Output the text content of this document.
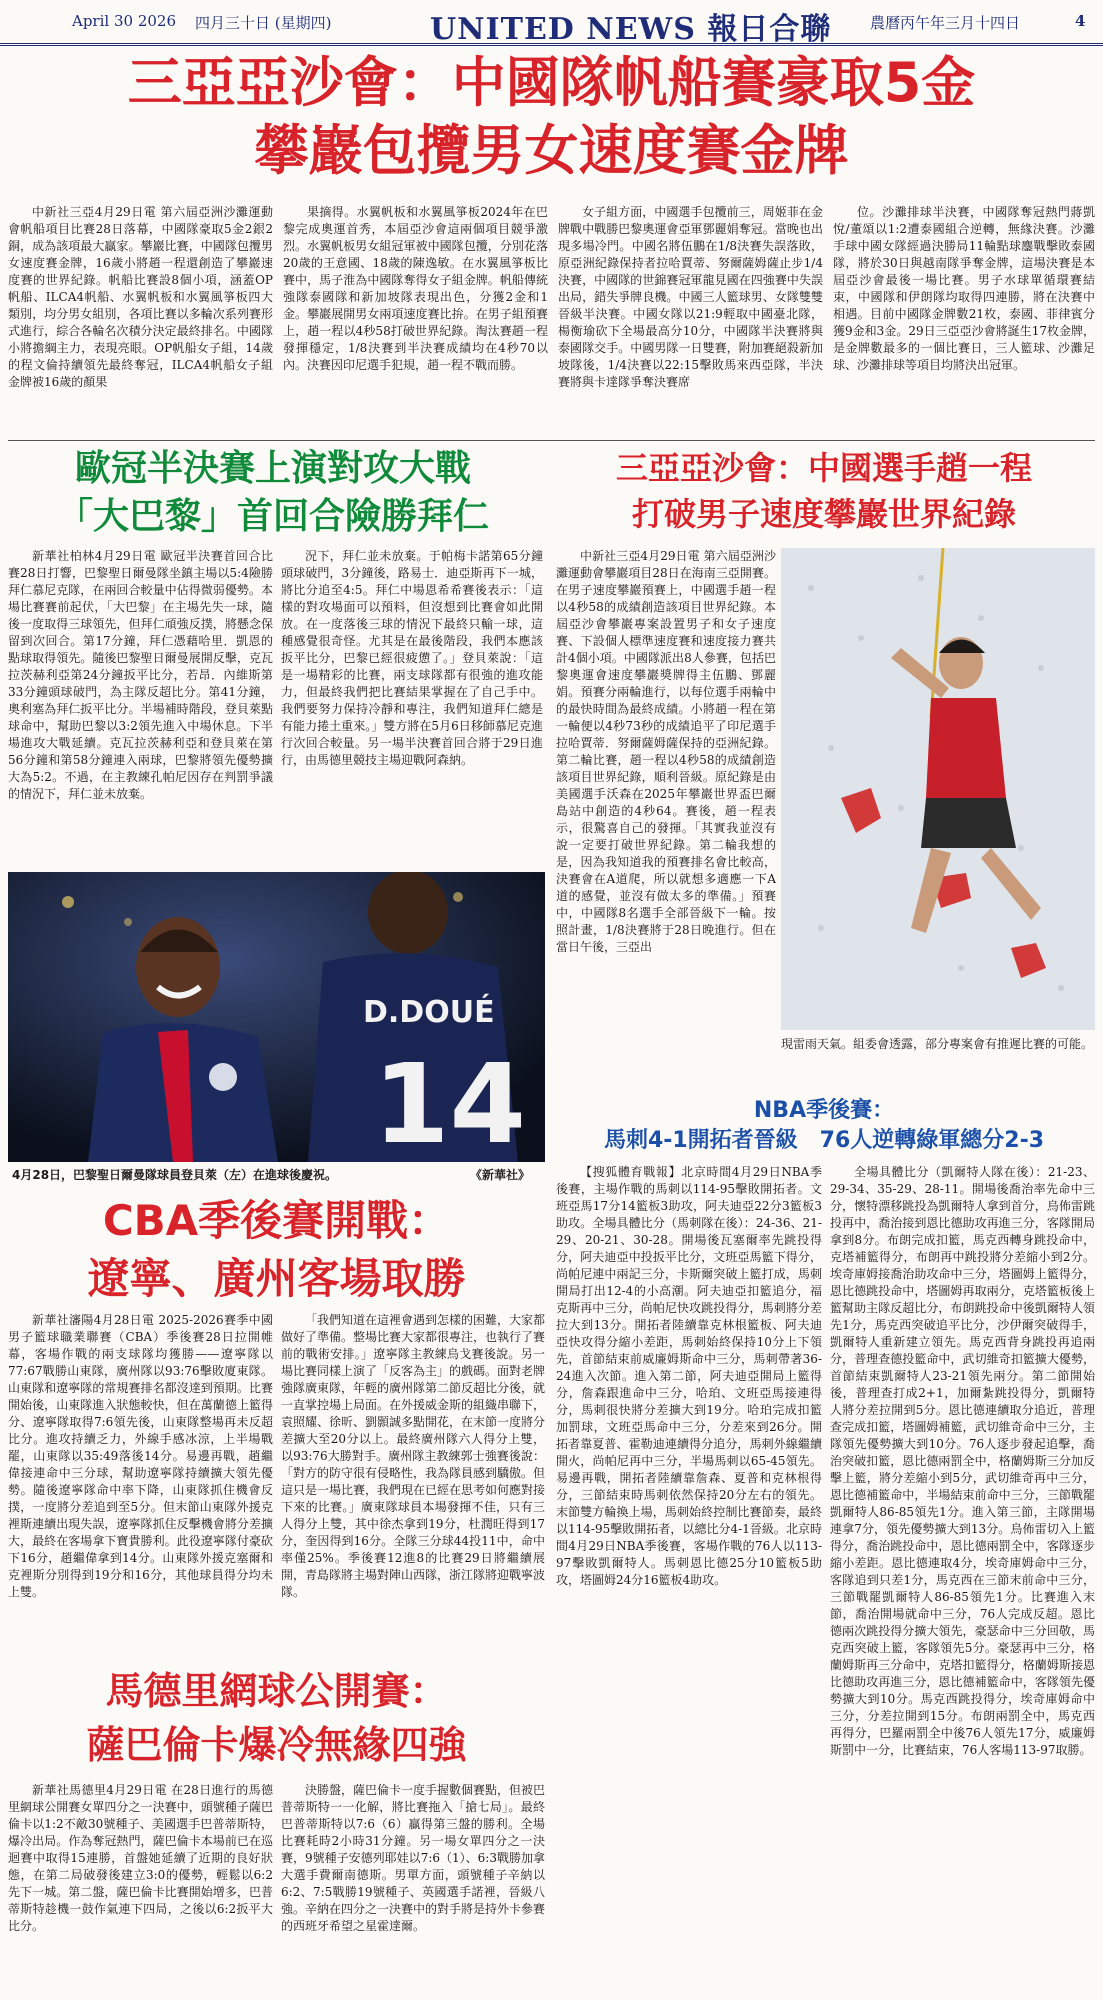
April 30 2026 四月三十日 (星期四)	UNITED NEWS 報日合聯	農曆丙午年三月十四日	4
三亞亞沙會：中國隊帆船賽豪取5金
攀巖包攬男女速度賽金牌

中新社三亞4月29日電 第六屆亞洲沙灘運動會帆船項目比賽28日落幕，中國隊豪取5金2銀2銅，成為該項最大贏家。攀巖比賽，中國隊包攬男女速度賽金牌，16歲小將趙一程還創造了攀巖速度賽的世界紀錄。帆船比賽設8個小項，涵蓋OP帆船、ILCA4帆船、水翼帆板和水翼風箏板四大類別，均分男女組別，各項比賽以多輪次系列賽形式進行，綜合各輪名次積分決定最終排名。中國隊小將擔綱主力，表現亮眼。OP帆船女子組，14歲的程文倫持續領先最終奪冠，ILCA4帆船女子組金牌被16歲的顏果

果摘得。水翼帆板和水翼風箏板2024年在巴黎完成奧運首秀，本屆亞沙會這兩個項目競爭激烈。水翼帆板男女組冠軍被中國隊包攬，分別花落20歲的王意國、18歲的陳逸敏。在水翼風箏板比賽中，馬子淮為中國隊奪得女子組金牌。帆船傳統強隊泰國隊和新加坡隊表現出色，分獲2金和1金。攀巖展開男女兩項速度賽比拚。在男子組預賽上，趙一程以4秒58打破世界紀錄。淘汰賽趙一程發揮穩定，1/8決賽到半決賽成績均在4秒70以內。決賽因印尼選手犯規，趙一程不戰而勝。

女子組方面，中國選手包攬前三，周姬菲在金牌戰中戰勝巴黎奧運會亞軍鄧麗娟奪冠。當晚也出現多場冷門。中國名將伍鵬在1/8決賽失誤落敗，原亞洲紀錄保持者拉哈賈蒂、努爾薩姆薩止步1/4決賽，中國隊的世錦賽冠軍龍見國在四強賽中失誤出局，錯失爭牌良機。中國三人籃球男、女隊雙雙晉級半決賽。中國女隊以21:9輕取中國臺北隊，楊衡瑜砍下全場最高分10分，中國隊半決賽將與泰國隊交手。中國男隊一日雙賽，附加賽絕殺新加坡隊後，1/4決賽以22:15擊敗馬來西亞隊，半決賽將與卡達隊爭奪決賽席

位。沙灘排球半決賽，中國隊奪冠熱門蔣凱悅/董頌以1:2遭泰國組合逆轉，無緣決賽。沙灘手球中國女隊經過決勝局11輪點球鏖戰擊敗泰國隊，將於30日與越南隊爭奪金牌，這場決賽是本屆亞沙會最後一場比賽。男子水球單循環賽結束，中國隊和伊朗隊均取得四連勝，將在決賽中相遇。目前中國隊金牌數21枚，泰國、菲律賓分獲9金和3金。29日三亞亞沙會將誕生17枚金牌，是金牌數最多的一個比賽日，三人籃球、沙灘足球、沙灘排球等項目均將決出冠軍。

歐冠半決賽上演對攻大戰
「大巴黎」首回合險勝拜仁

新華社柏林4月29日電 歐冠半決賽首回合比賽28日打響，巴黎聖日爾曼隊坐鎮主場以5:4險勝拜仁慕尼克隊，在兩回合較量中佔得微弱優勢。本場比賽賽前起伏，「大巴黎」在主場先失一球，隨後一度取得三球領先，但拜仁頑強反撲，將懸念保留到次回合。第17分鐘，拜仁憑藉哈里．凱恩的點球取得領先。隨後巴黎聖日爾曼展開反擊，克瓦拉茨赫利亞第24分鐘扳平比分，若昂．內維斯第33分鐘頭球破門，為主隊反超比分。第41分鐘，奧利塞為拜仁扳平比分。半場補時階段，登貝萊點球命中，幫助巴黎以3:2領先進入中場休息。下半場進攻大戰延續。克瓦拉茨赫利亞和登貝萊在第56分鐘和第58分鐘連入兩球，巴黎將領先優勢擴大為5:2。不過，在主教練孔帕尼因存在判罰爭議的情況下，拜仁並未放棄。

況下，拜仁並未放棄。于帕梅卡諾第65分鐘頭球破門，3分鐘後，路易士．迪亞斯再下一城，將比分追至4:5。拜仁中場恩希希賽後表示：「這樣的對攻場面可以預料，但沒想到比賽會如此開放。在一度落後三球的情況下最終只輸一球，這種感覺很奇怪。尤其是在最後階段，我們本應該扳平比分，巴黎已經很疲憊了。」登貝萊說：「這是一場精彩的比賽，兩支球隊都有很強的進攻能力，但最終我們把比賽結果掌握在了自己手中。我們要努力保持冷靜和專注，我們知道拜仁總是有能力捲土重來。」雙方將在5月6日移師慕尼克進行次回合較量。另一場半決賽首回合將于29日進行，由馬德里競技主場迎戰阿森納。

D.DOUÉ
14
4月28日，巴黎聖日爾曼隊球員登貝萊（左）在進球後慶祝。	《新華社》
三亞亞沙會：中國選手趙一程
打破男子速度攀巖世界紀錄

中新社三亞4月29日電 第六屆亞洲沙灘運動會攀巖項目28日在海南三亞開賽。在男子速度攀巖預賽上，中國選手趙一程以4秒58的成績創造該項目世界紀錄。本屆亞沙會攀巖專案設置男子和女子速度賽、下設個人標準速度賽和速度接力賽共計4個小項。中國隊派出8人參賽，包括巴黎奧運會速度攀巖獎牌得主伍鵬、鄧麗娟。預賽分兩輪進行，以每位選手兩輪中的最快時間為最終成績。小將趙一程在第一輪便以4秒73秒的成績追平了印尼選手拉哈賈蒂．努爾薩姆薩保持的亞洲紀錄。第二輪比賽，趙一程以4秒58的成績創造該項目世界紀錄，順利晉級。原紀錄是由美國選手沃森在2025年攀巖世界盃巴爾島站中創造的4秒64。賽後，趙一程表示，很驚喜自己的發揮。「其實我並沒有說一定要打破世界紀錄。第二輪我想的是，因為我知道我的預賽排名會比較高，決賽會在A道爬，所以就想多適應一下A道的感覺，並沒有做太多的準備。」預賽中，中國隊8名選手全部晉級下一輪。按照計畫，1/8決賽將于28日晚進行。但在當日午後，三亞出

現雷雨天氣。組委會透露，部分專案會有推遲比賽的可能。

CBA季後賽開戰：
遼寧、廣州客場取勝

新華社瀋陽4月28日電 2025-2026賽季中國男子籃球職業聯賽（CBA）季後賽28日拉開帷幕，客場作戰的兩支球隊均獲勝——遼寧隊以77:67戰勝山東隊，廣州隊以93:76擊敗廈東隊。山東隊和遼寧隊的常規賽排名都沒達到預期。比賽開始後，山東隊進入狀態較快，但在萬蘭德上籃得分、遼寧隊取得7:6領先後，山東隊整場再未反超比分。進攻持續乏力，外線手感冰涼，上半場戰罷，山東隊以35:49落後14分。易邊再戰，趙繼偉接連命中三分球，幫助遼寧隊持續擴大領先優勢。隨後遼寧隊命中率下降，山東隊抓住機會反撲，一度將分差追到至5分。但末節山東隊外援克裡斯連續出現失誤，遼寧隊抓住反擊機會將分差擴大，最終在客場拿下寶貴勝利。此役遼寧隊付豪砍下16分，趙繼偉拿到14分。山東隊外援克塞爾和克裡斯分別得到19分和16分，其他球員得分均未上雙。

「我們知道在這裡會遇到怎樣的困難，大家都做好了準備。整場比賽大家都很專注，也執行了賽前的戰術安排。」遼寧隊主教練烏戈賽後說。另一場比賽同樣上演了「反客為主」的戲碼。面對老牌強隊廣東隊，年輕的廣州隊第二節反超比分後，就一直掌控場上局面。在外援威金斯的組織串聯下，袁照耀、徐昕、劉顥誠多點開花，在末節一度將分差擴大至20分以上。最終廣州隊六人得分上雙，以93:76大勝對手。廣州隊主教練郭士強賽後說：「對方的防守很有侵略性，我為隊員感到驕傲。但這只是一場比賽，我們現在已經在思考如何應對接下來的比賽。」廣東隊球員本場發揮不佳，只有三人得分上雙，其中徐杰拿到19分，杜潤旺得到17分，奎因得到16分。全隊三分球44投11中，命中率僅25%。季後賽12進8的比賽29日將繼續展開，青島隊將主場對陣山西隊，浙江隊將迎戰寧波隊。

馬德里網球公開賽：
薩巴倫卡爆冷無緣四強

新華社馬德里4月29日電 在28日進行的馬德里網球公開賽女單四分之一決賽中，頭號種子薩巴倫卡以1:2不敵30號種子、美國選手巴普蒂斯特，爆冷出局。作為奪冠熱門，薩巴倫卡本場前已在巡迴賽中取得15連勝，首盤她延續了近期的良好狀態，在第二局破發後建立3:0的優勢，輕鬆以6:2先下一城。第二盤，薩巴倫卡比賽開始增多，巴普蒂斯特趁機一鼓作氣連下四局，之後以6:2扳平大比分。

決勝盤，薩巴倫卡一度手握數個賽點，但被巴普蒂斯特一一化解，將比賽拖入「搶七局」。最終巴普蒂斯特以7:6（6）贏得第三盤的勝利。全場比賽耗時2小時31分鐘。另一場女單四分之一決賽，9號種子安德列耶娃以7:6（1）、6:3戰勝加拿大選手費爾南德斯。男單方面，頭號種子辛納以6:2、7:5戰勝19號種子、英國選手諾裡，晉級八強。辛納在四分之一決賽中的對手將是持外卡參賽的西班牙希望之星霍達爾。

NBA季後賽：
馬刺4-1開拓者晉級　76人逆轉綠軍總分2-3

【搜狐體育戰報】北京時間4月29日NBA季後賽，主場作戰的馬刺以114-95擊敗開拓者。文班亞馬17分14籃板3助攻，阿夫迪亞22分3籃板3助攻。全場具體比分（馬刺隊在後）：24-36、21-29、20-21、30-28。開場後瓦塞爾率先跳投得分，阿夫迪亞中投扳平比分，文班亞馬籃下得分，尚帕尼連中兩記三分，卡斯爾突破上籃打成，馬刺開局打出12-4的小高潮。阿夫迪亞扣籃追分，福克斯再中三分，尚帕尼快攻跳投得分，馬刺將分差拉大到13分。開拓者陸續靠克林根籃板、阿夫迪亞快攻得分縮小差距，馬刺始終保持10分上下領先，首節結束前威廉姆斯命中三分，馬刺帶著36-24進入次節。進入第二節，阿夫迪亞開局上籃得分，詹森跟進命中三分，哈珀、文班亞馬接連得分，馬刺很快將分差擴大到19分。哈珀完成扣籃加罰球，文班亞馬命中三分，分差來到26分。開拓者靠夏普、霍勒迪連續得分追分，馬刺外線繼續開火，尚帕尼再中三分，半場馬刺以65-45領先。易邊再戰，開拓者陸續靠詹森、夏普和克林根得分，三節結束時馬刺依然保持20分左右的領先。末節雙方輪換上場，馬刺始終控制比賽節奏，最終以114-95擊敗開拓者，以總比分4-1晉級。北京時間4月29日NBA季後賽，客場作戰的76人以113-97擊敗凱爾特人。馬刺恩比德25分10籃板5助攻，塔圖姆24分16籃板4助攻。

全場具體比分（凱爾特人隊在後）：21-23、29-34、35-29、28-11。開場後喬治率先命中三分，懷特漂移跳投為凱爾特人拿到首分，烏佈雷跳投再中，喬治接到恩比德助攻再進三分，客隊開局拿到8分。布朗完成扣籃，馬克西轉身跳投命中，克塔補籃得分，布朗再中跳投將分差縮小到2分。埃奇庫姆接喬治助攻命中三分，塔圖姆上籃得分，恩比德跳投命中，塔圖姆再取兩分，克塔籃板後上籃幫助主隊反超比分，布朗跳投命中後凱爾特人領先1分，馬克西突破追平比分，沙伊爾突破得手，凱爾特人重新建立領先。馬克西背身跳投再追兩分，普理查德投籃命中，武切維奇扣籃擴大優勢，首節結束凱爾特人23-21領先兩分。第二節開始後，普理查打成2+1，加爾紮跳投得分，凱爾特人將分差拉開到5分。恩比德連續取分追近，普理查完成扣籃，塔圖姆補籃，武切維奇命中三分，主隊領先優勢擴大到10分。76人逐步發起追擊，喬治突破扣籃，恩比德兩罰全中，格蘭姆斯三分加反擊上籃，將分差縮小到5分，武切維奇再中三分，恩比德補籃命中，半場結束前命中三分，三節戰罷凱爾特人86-85領先1分。進入第三節，主隊開場連拿7分，領先優勢擴大到13分。烏佈雷切入上籃得分，喬治跳投命中，恩比德兩罰全中，客隊逐步縮小差距。恩比德連取4分，埃奇庫姆命中三分，客隊追到只差1分，馬克西在三節末前命中三分，三節戰罷凱爾特人86-85領先1分。比賽進入末節，喬治開場就命中三分，76人完成反超。恩比德兩次跳投得分擴大領先，豪瑟命中三分回敬，馬克西突破上籃，客隊領先5分。豪瑟再中三分，格蘭姆斯再三分命中，克塔扣籃得分，格蘭姆斯接恩比德助攻再進三分，恩比德補籃命中，客隊領先優勢擴大到10分。馬克西跳投得分，埃奇庫姆命中三分，分差拉開到15分。布朗兩罰全中，馬克西再得分，巴羅兩罰全中後76人領先17分，威廉姆斯罰中一分，比賽結束，76人客場113-97取勝。
